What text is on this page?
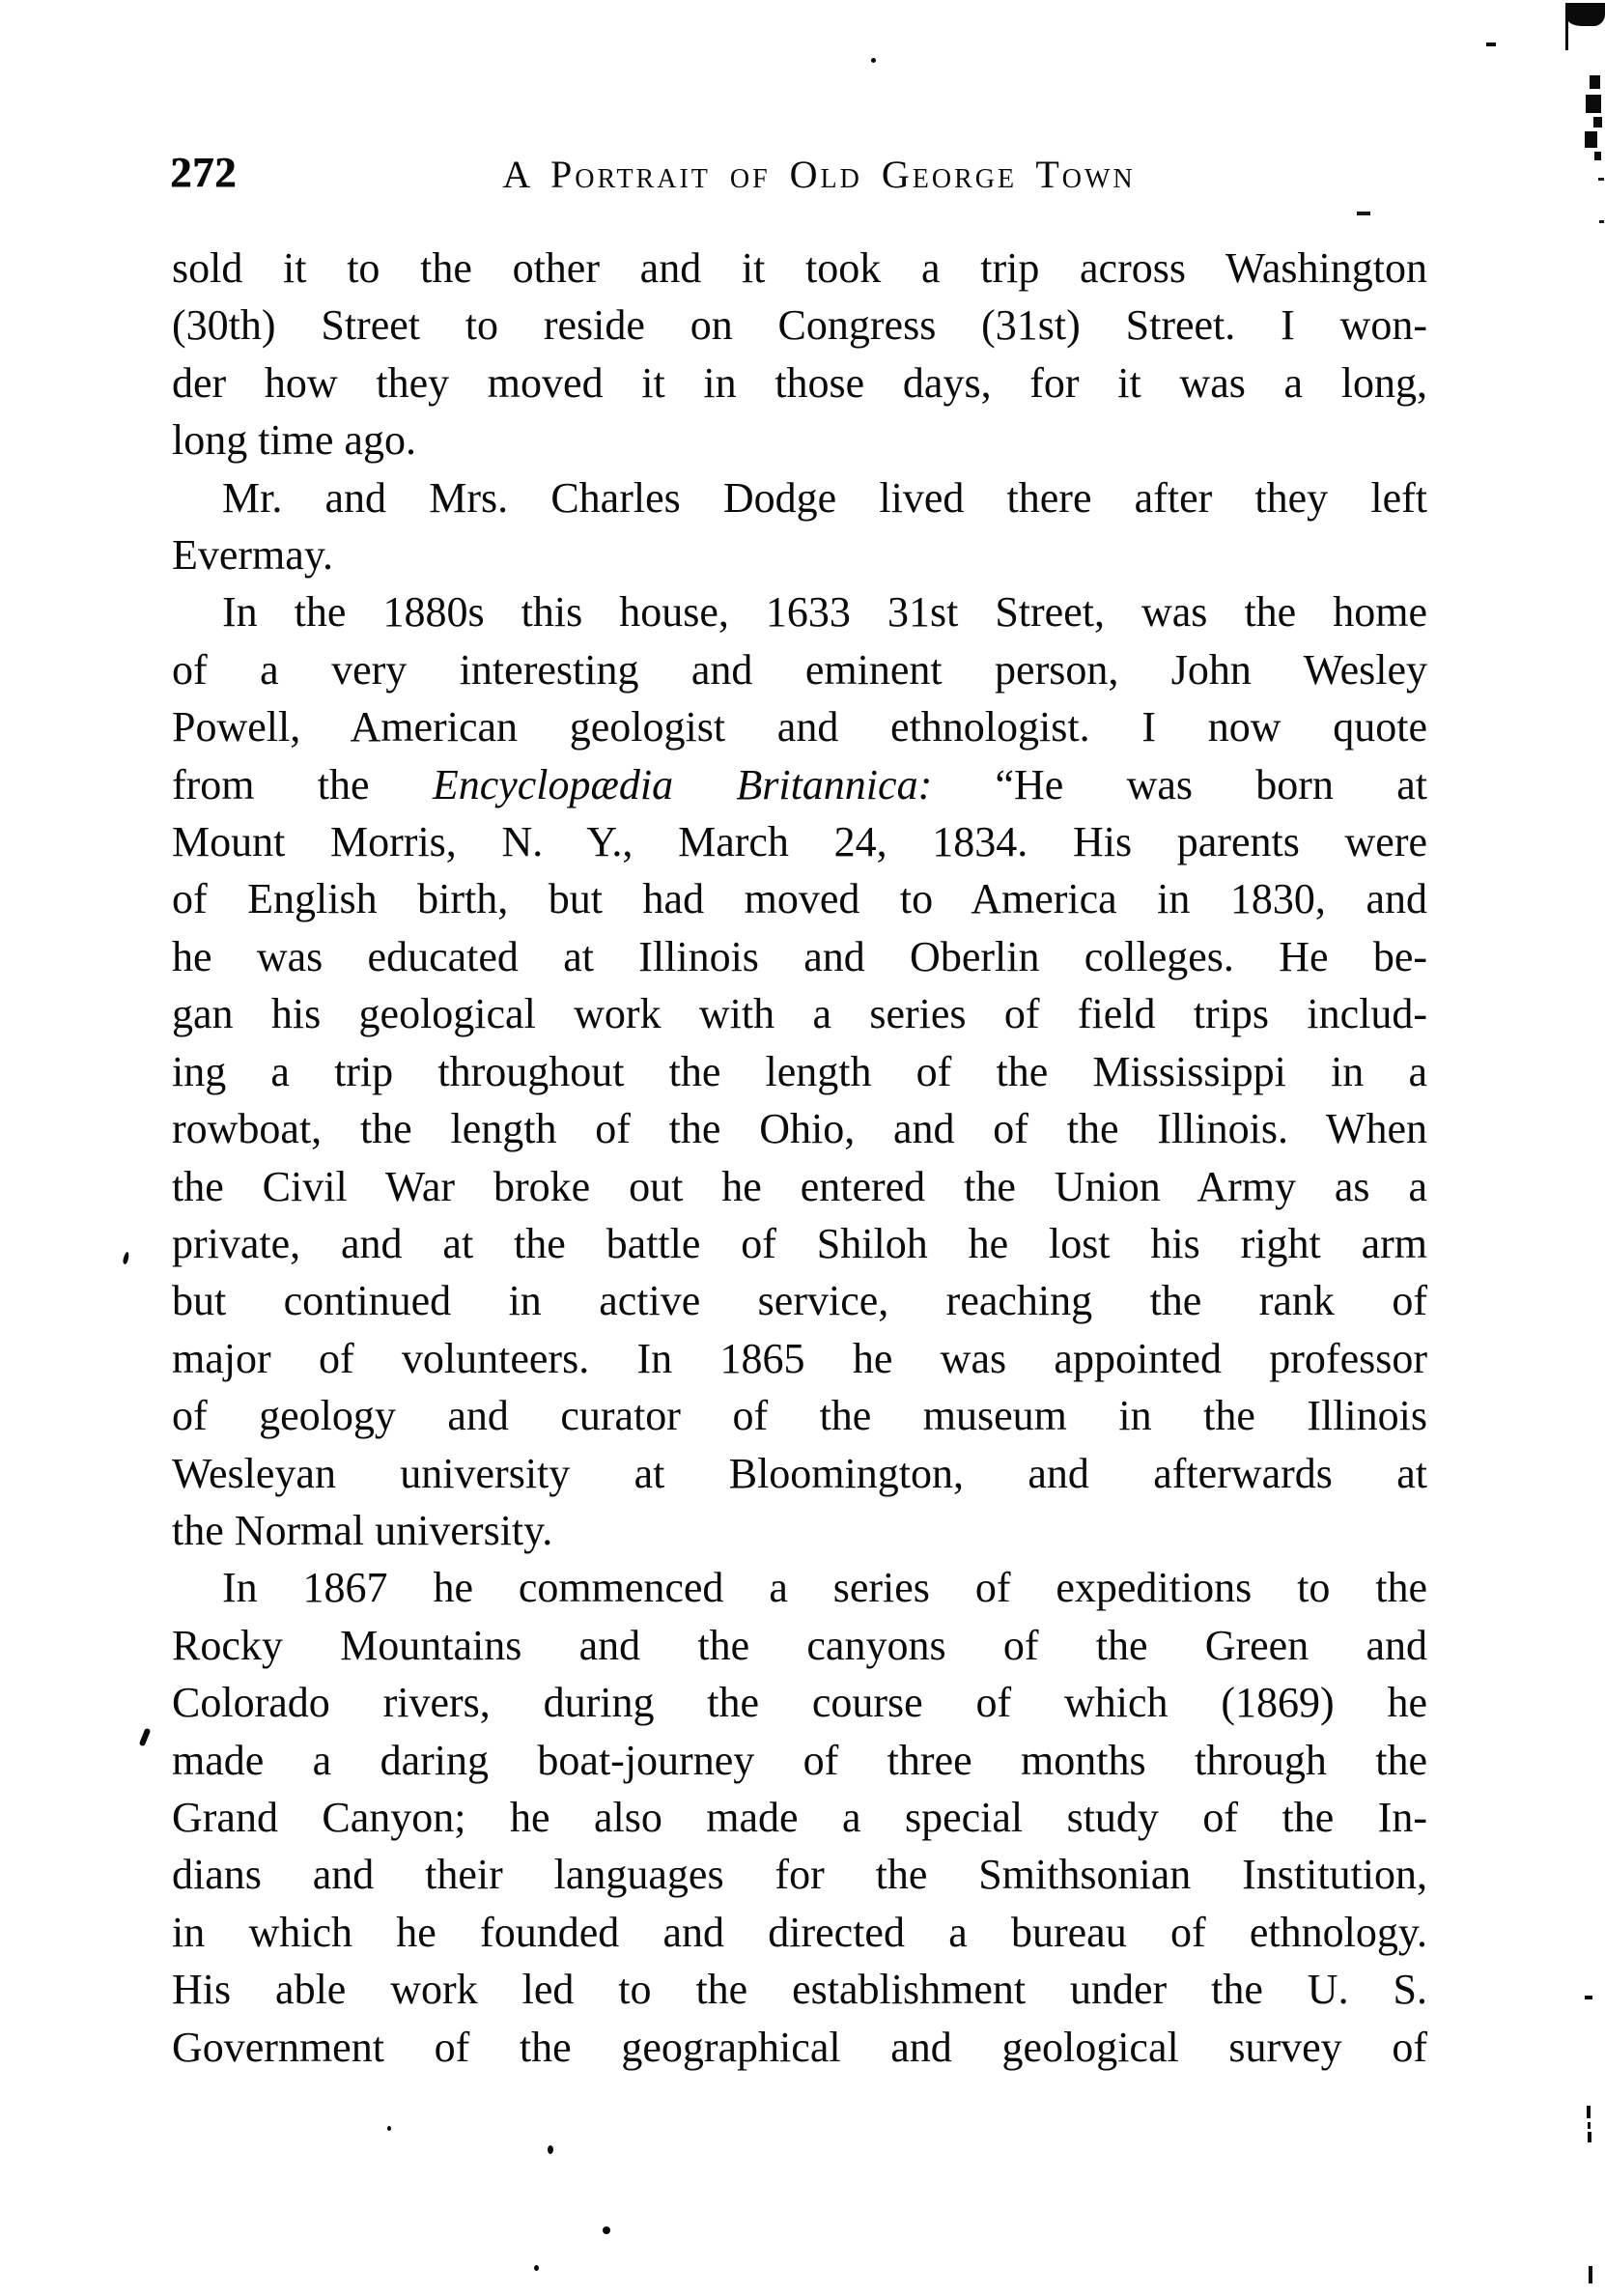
272	A Portrait of Old George Town
sold it to the other and it took a trip across Washington
(30th) Street to reside on Congress (31st) Street. I won-
der how they moved it in those days, for it was a long,
long time ago.
Mr. and Mrs. Charles Dodge lived there after they left
Evermay.
In the 1880s this house, 1633 31st Street, was the home
of a very interesting and eminent person, John Wesley
Powell, American geologist and ethnologist. I now quote
from the Encyclopædia Britannica: “He was born at
Mount Morris, N. Y., March 24, 1834. His parents were
of English birth, but had moved to America in 1830, and
he was educated at Illinois and Oberlin colleges. He be-
gan his geological work with a series of field trips includ-
ing a trip throughout the length of the Mississippi in a
rowboat, the length of the Ohio, and of the Illinois. When
the Civil War broke out he entered the Union Army as a
private, and at the battle of Shiloh he lost his right arm
but continued in active service, reaching the rank of
major of volunteers. In 1865 he was appointed professor
of geology and curator of the museum in the Illinois
Wesleyan university at Bloomington, and afterwards at
the Normal university.
In 1867 he commenced a series of expeditions to the
Rocky Mountains and the canyons of the Green and
Colorado rivers, during the course of which (1869) he
made a daring boat-journey of three months through the
Grand Canyon; he also made a special study of the In-
dians and their languages for the Smithsonian Institution,
in which he founded and directed a bureau of ethnology.
His able work led to the establishment under the U. S.
Government of the geographical and geological survey of
